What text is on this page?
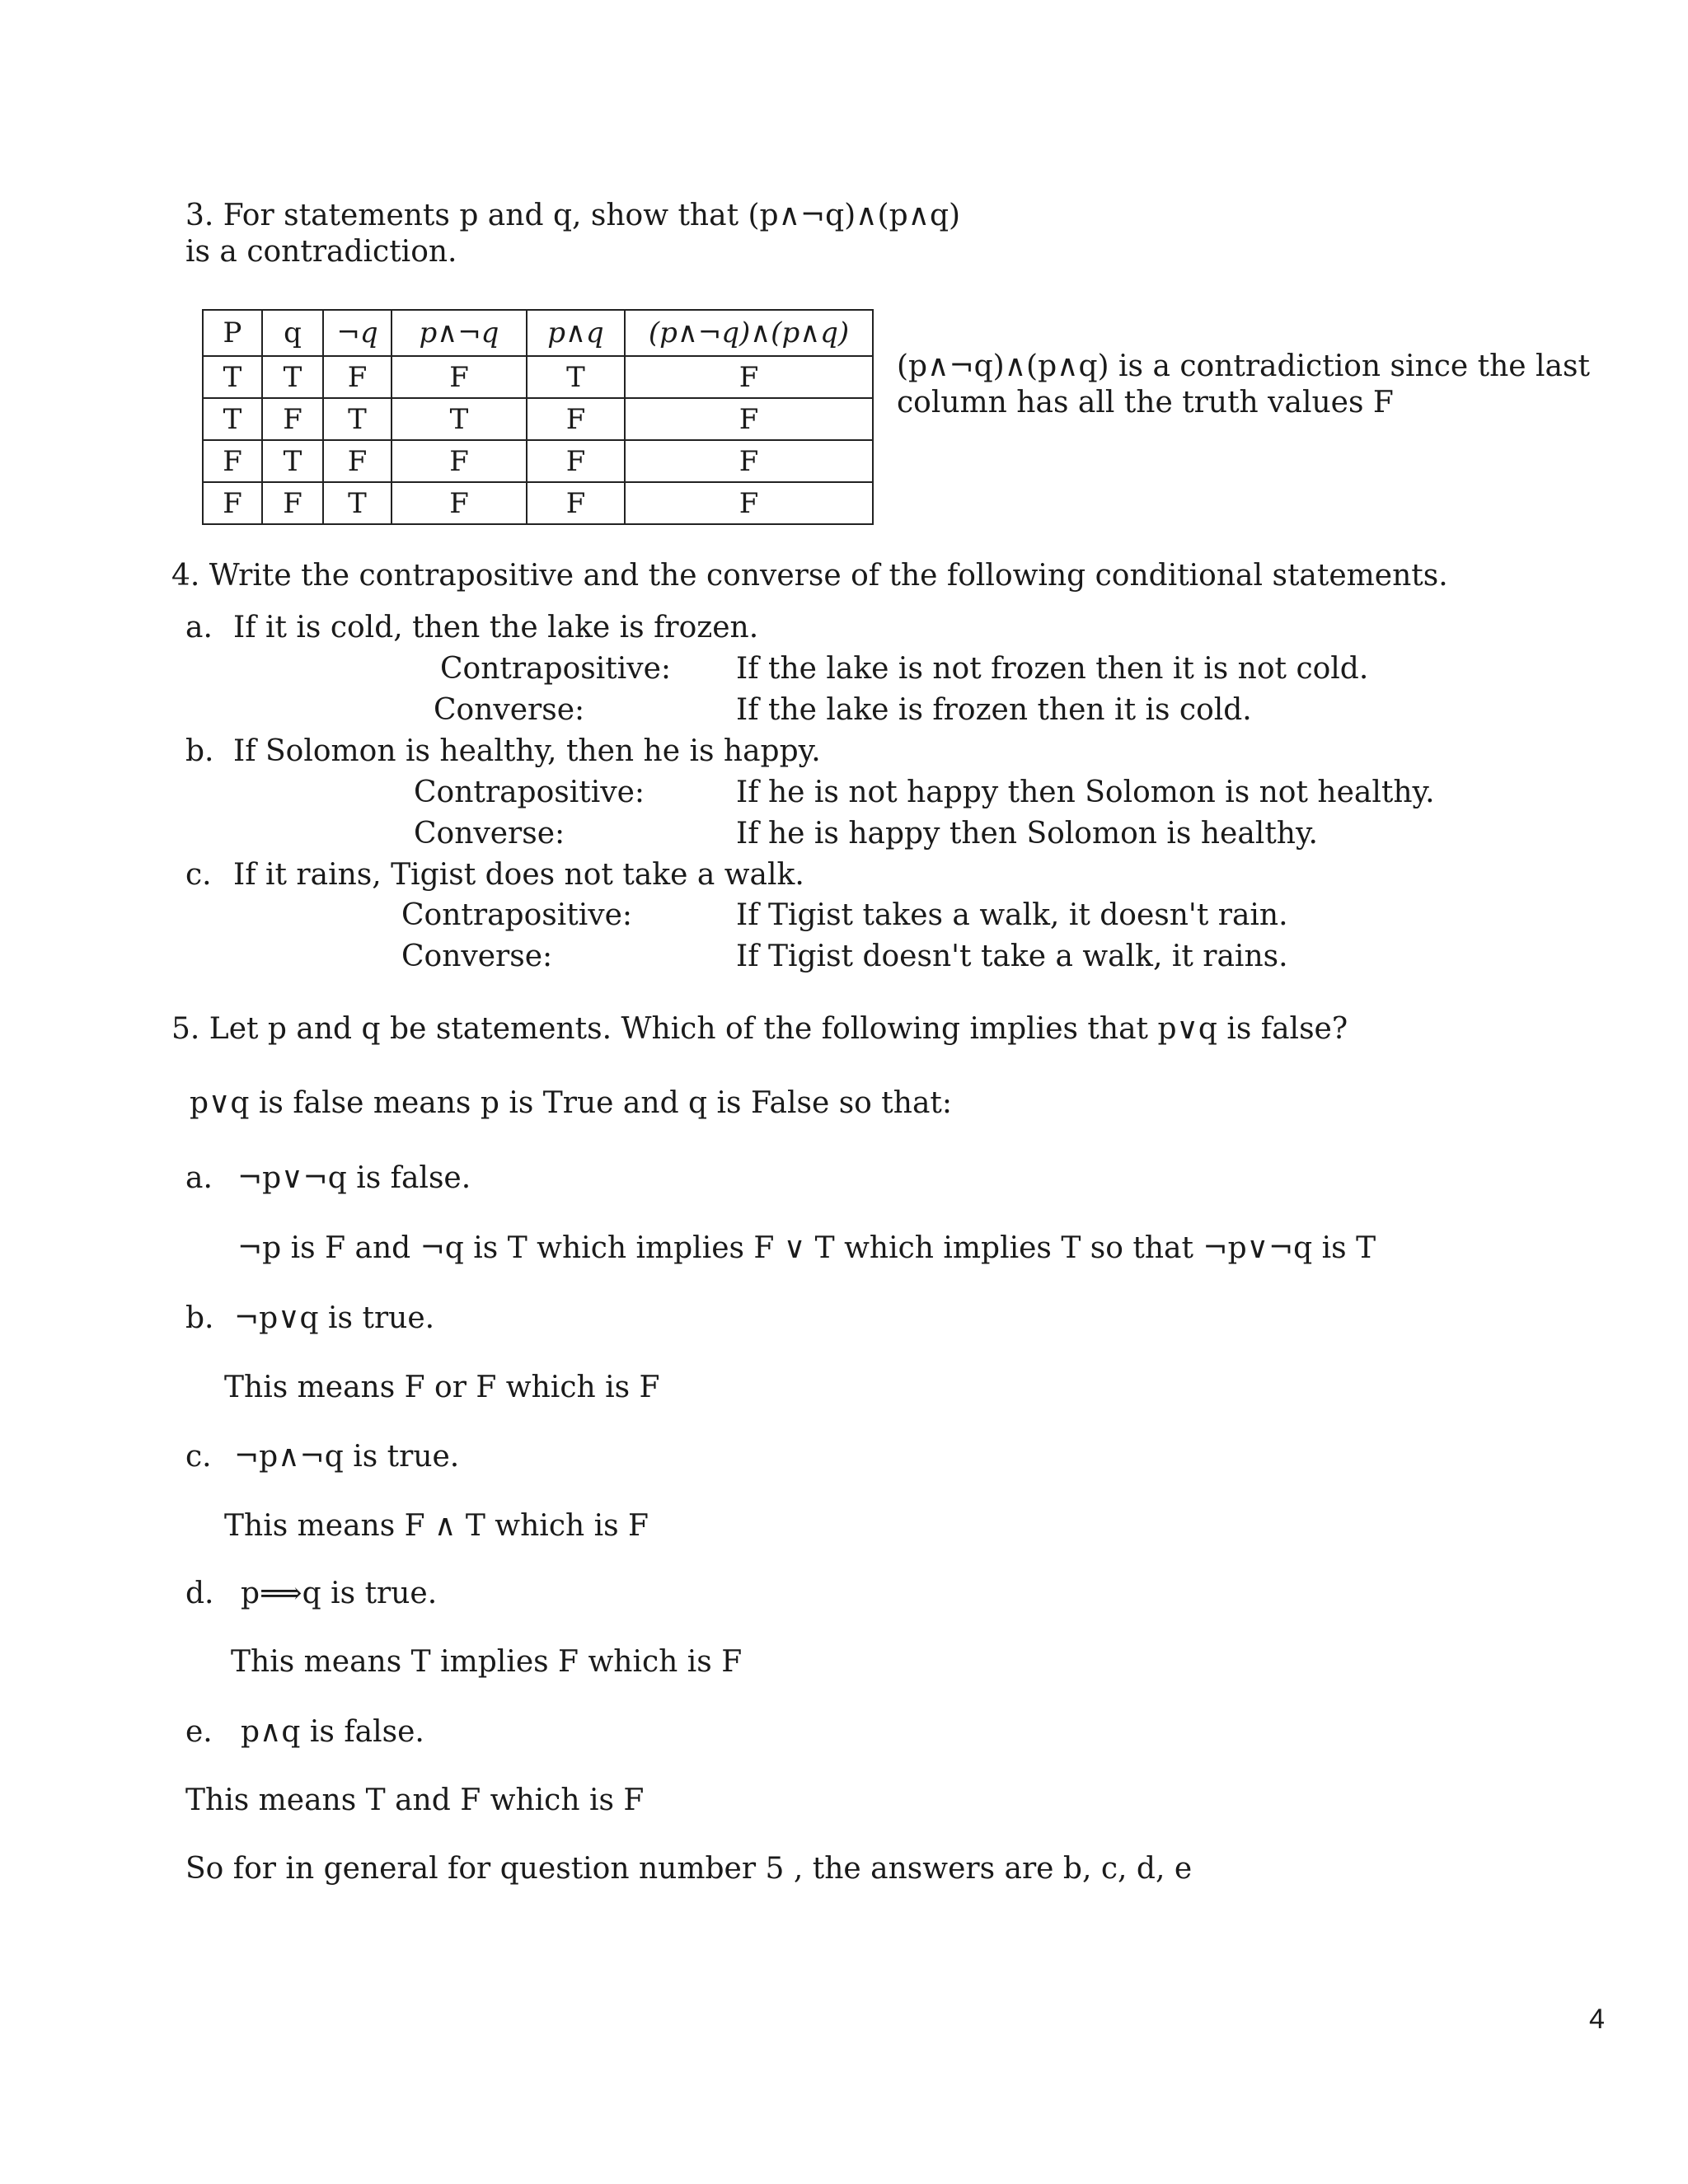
3. For statements p and q, show that (p∧¬q)∧(p∧q)
is a contradiction.
P	q	¬q	p∧¬q	p∧q	(p∧¬q)∧(p∧q)
T	T	F	F	T	F
T	F	T	T	F	F
F	T	F	F	F	F
F	F	T	F	F	F
(p∧¬q)∧(p∧q) is a contradiction since the last
column has all the truth values F
4. Write the contrapositive and the converse of the following conditional statements.
a. If it is cold, then the lake is frozen.
Contrapositive: If the lake is not frozen then it is not cold.
Converse:	If the lake is frozen then it is cold.
b. If Solomon is healthy, then he is happy.
Contrapositive:	If he is not happy then Solomon is not healthy.
Converse:	If he is happy then Solomon is healthy.
c. If it rains, Tigist does not take a walk.
Contrapositive:	If Tigist takes a walk, it doesn't rain.
Converse:	If Tigist doesn't take a walk, it rains.
5. Let p and q be statements. Which of the following implies that p∨q is false?
p∨q is false means p is True and q is False so that:
a. ¬p∨¬q is false.
¬p is F and ¬q is T which implies F ∨ T which implies T so that ¬p∨¬q is T
b. ¬p∨q is true.
This means F or F which is F
c. ¬p∧¬q is true.
This means F ∧ T which is F
d. p⟹q is true.
This means T implies F which is F
e. p∧q is false.
This means T and F which is F
So for in general for question number 5 , the answers are b, c, d, e
4
